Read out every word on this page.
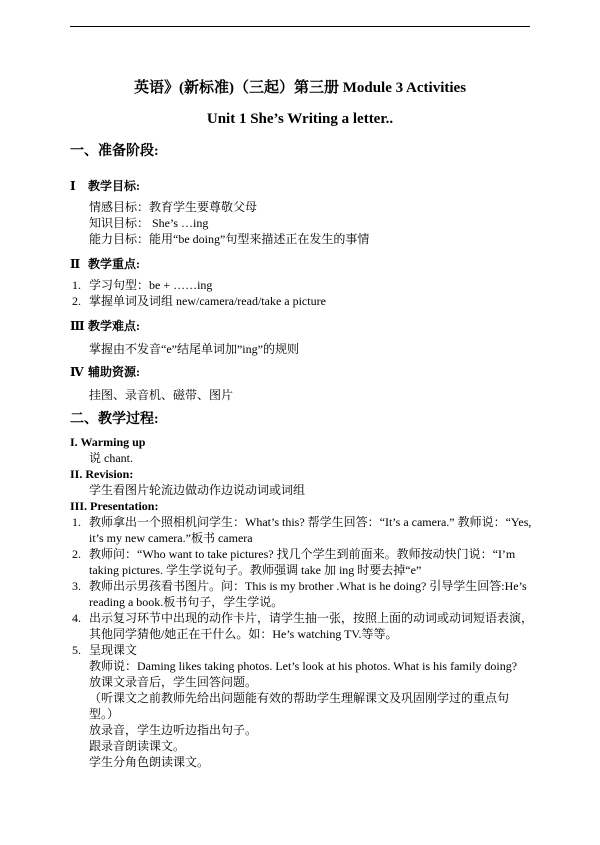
英语》(新标准)（三起）第三册 Module 3 Activities
Unit 1 She’s Writing a letter..
一、准备阶段:
Ⅰ 教学目标:
情感目标：教育学生要尊敬父母
知识目标： She’s …ing
能力目标：能用“be doing”句型来描述正在发生的事情
Ⅱ 教学重点:
1. 学习句型：be + ……ing
2. 掌握单词及词组 new/camera/read/take a picture
Ⅲ 教学难点:
掌握由不发音“e”结尾单词加”ing”的规则
Ⅳ 辅助资源:
挂图、录音机、磁带、图片
二、教学过程:
I. Warming up
说 chant.
II. Revision:
学生看图片轮流边做动作边说动词或词组
III. Presentation:
1. 教师拿出一个照相机问学生：What’s this? 帮学生回答：“It’s a camera.” 教师说：“Yes,
it’s my new camera.”板书 camera
2. 教师问：“Who want to take pictures? 找几个学生到前面来。教师按动快门说：“I’m
taking pictures. 学生学说句子。教师强调 take 加 ing 时要去掉“e”
3. 教师出示男孩看书图片。问：This is my brother .What is he doing? 引导学生回答:He’s
reading a book.板书句子，学生学说。
4. 出示复习环节中出现的动作卡片，请学生抽一张，按照上面的动词或动词短语表演，
其他同学猜他/她正在干什么。如：He’s watching TV.等等。
5. 呈现课文
教师说：Daming likes taking photos. Let’s look at his photos. What is his family doing?
放课文录音后，学生回答问题。
（听课文之前教师先给出问题能有效的帮助学生理解课文及巩固刚学过的重点句
型。）
放录音，学生边听边指出句子。
跟录音朗读课文。
学生分角色朗读课文。
